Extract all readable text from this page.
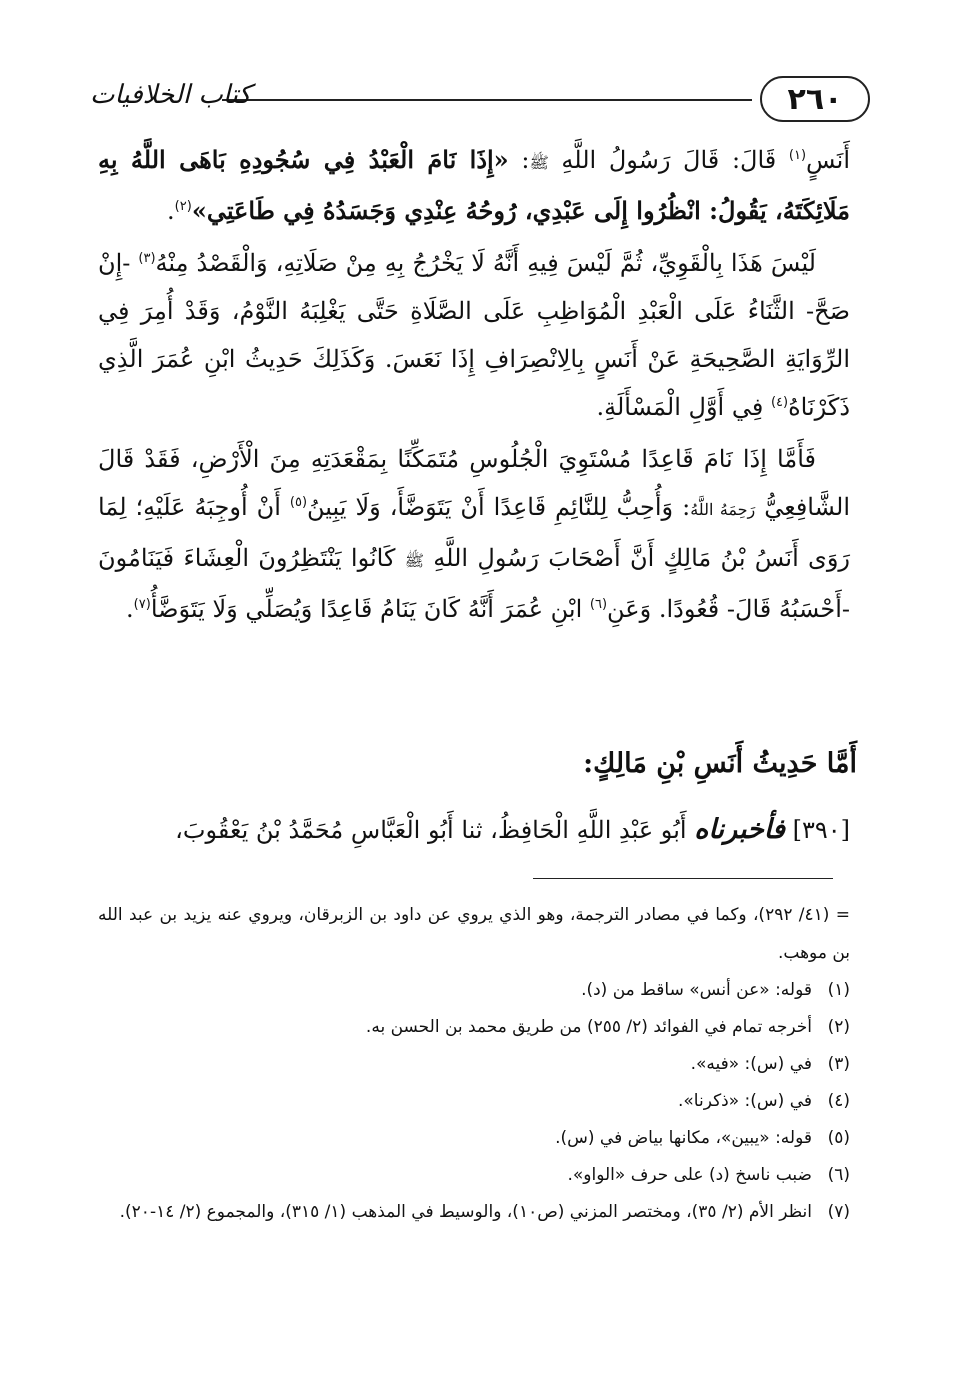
٢٦٠
كتاب الخلافيات

أَنَسٍ$^{(١)}$ قَالَ: قَالَ رَسُولُ اللَّهِ ﷺ: «إِذَا نَامَ الْعَبْدُ فِي سُجُودِهِ بَاهَى اللَّهُ بِهِ مَلَائِكَتَهُ، يَقُولُ: انْظُرُوا إِلَى عَبْدِي، رُوحُهُ عِنْدِي وَجَسَدُهُ فِي طَاعَتِي»$^{(٢)}$.

لَيْسَ هَذَا بِالْقَوِيِّ، ثُمَّ لَيْسَ فِيهِ أَنَّهُ لَا يَخْرُجُ بِهِ مِنْ صَلَاتِهِ، وَالْقَصْدُ مِنْهُ$^{(٣)}$ -إِنْ صَحَّ- الثَّنَاءُ عَلَى الْعَبْدِ الْمُوَاظِبِ عَلَى الصَّلَاةِ حَتَّى يَغْلِبَهُ النَّوْمُ، وَقَدْ أُمِرَ فِي الرِّوَايَةِ الصَّحِيحَةِ عَنْ أَنَسٍ بِالِانْصِرَافِ إِذَا نَعَسَ. وَكَذَلِكَ حَدِيثُ ابْنِ عُمَرَ الَّذِي ذَكَرْنَاهُ$^{(٤)}$ فِي أَوَّلِ الْمَسْأَلَةِ.

فَأَمَّا إِذَا نَامَ قَاعِدًا مُسْتَوِيَ الْجُلُوسِ مُتَمَكِّنًا بِمَقْعَدَتِهِ مِنَ الْأَرْضِ، فَقَدْ قَالَ الشَّافِعِيُّ رَحِمَهُ اللَّهُ: وَأُحِبُّ لِلنَّائِمِ قَاعِدًا أَنْ يَتَوَضَّأَ، وَلَا يَبِينُ$^{(٥)}$ أَنْ أُوجِبَهُ عَلَيْهِ؛ لِمَا رَوَى أَنَسُ بْنُ مَالِكٍ أَنَّ أَصْحَابَ رَسُولِ اللَّهِ ﷺ كَانُوا يَنْتَظِرُونَ الْعِشَاءَ فَيَنَامُونَ -أَحْسَبُهُ قَالَ- قُعُودًا. وَعَنِ$^{(٦)}$ ابْنِ عُمَرَ أَنَّهُ كَانَ يَنَامُ قَاعِدًا وَيُصَلِّي وَلَا يَتَوَضَّأُ$^{(٧)}$.

أَمَّا حَدِيثُ أَنَسِ بْنِ مَالِكٍ:

[٣٩٠] فأخبرناه أَبُو عَبْدِ اللَّهِ الْحَافِظُ، ثنا أَبُو الْعَبَّاسِ مُحَمَّدُ بْنُ يَعْقُوبَ،

= (٤١/ ٢٩٢)، وكما في مصادر الترجمة، وهو الذي يروي عن داود بن الزبرقان، ويروي عنه يزيد بن عبد الله بن موهب.

(١)
قوله: «عن أنس» ساقط من (د).
(٢)
أخرجه تمام في الفوائد (٢/ ٢٥٥) من طريق محمد بن الحسن به.
(٣)
في (س): «فيه».
(٤)
في (س): «ذكرنا».
(٥)
قوله: «يبين»، مكانها بياض في (س).
(٦)
ضبب ناسخ (د) على حرف «الواو».
(٧)
انظر الأم (٢/ ٣٥)، ومختصر المزني (ص١٠)، والوسيط في المذهب (١/ ٣١٥)، والمجموع (٢/ ١٤-٢٠).
